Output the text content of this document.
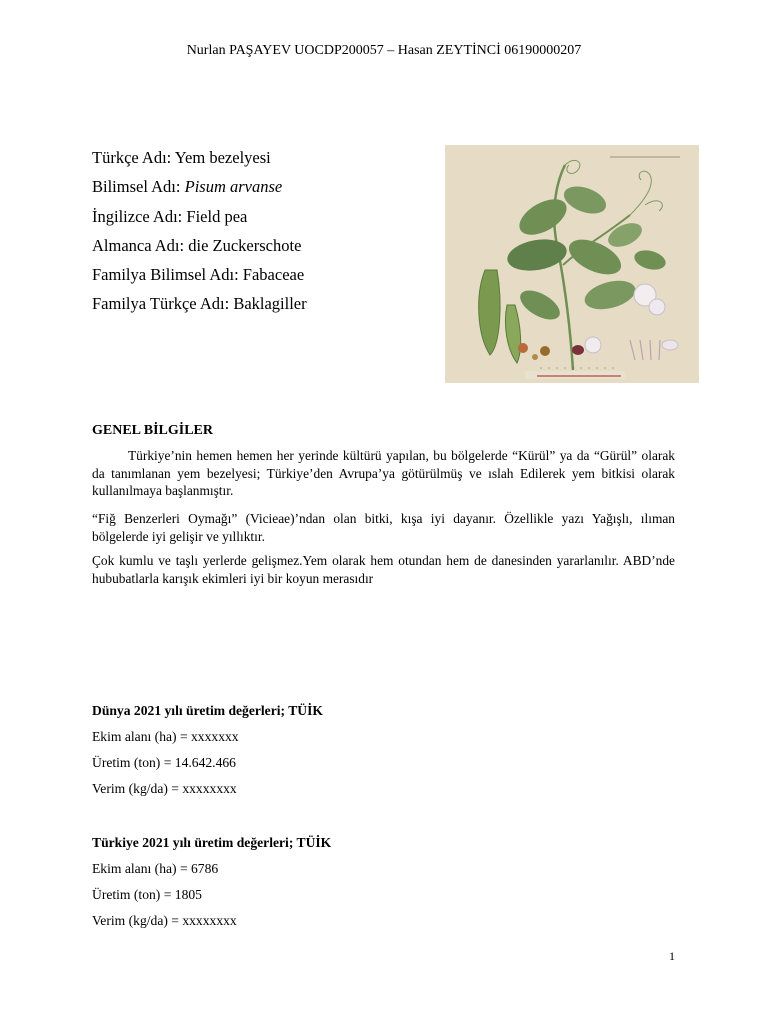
Nurlan PAŞAYEV UOCDP200057 – Hasan ZEYTİNCİ 06190000207
Türkçe Adı: Yem bezelyesi
Bilimsel Adı: Pisum arvanse
İngilizce Adı: Field pea
Almanca Adı: die Zuckerschote
Familya Bilimsel Adı: Fabaceae
Familya Türkçe Adı: Baklagiller
GENEL BİLGİLER
Türkiye’nin hemen hemen her yerinde kültürü yapılan, bu bölgelerde “Kürül” ya da “Gürül” olarak da tanımlanan yem bezelyesi; Türkiye’den Avrupa’ya götürülmüş ve ıslah Edilerek yem bitkisi olarak kullanılmaya başlanmıştır.
“Fiğ Benzerleri Oymağı” (Vicieae)’ndan olan bitki, kışa iyi dayanır. Özellikle yazı Yağışlı, ılıman bölgelerde iyi gelişir ve yıllıktır.
Çok kumlu ve taşlı yerlerde gelişmez.Yem olarak hem otundan hem de danesinden yararlanılır. ABD’nde hububatlarla karışık ekimleri iyi bir koyun merasıdır
Dünya 2021 yılı üretim değerleri; TÜİK
Ekim alanı (ha) = xxxxxxx
Üretim (ton) = 14.642.466
Verim (kg/da) = xxxxxxxx
Türkiye 2021 yılı üretim değerleri; TÜİK
Ekim alanı (ha) = 6786
Üretim (ton) = 1805
Verim (kg/da) = xxxxxxxx
1
